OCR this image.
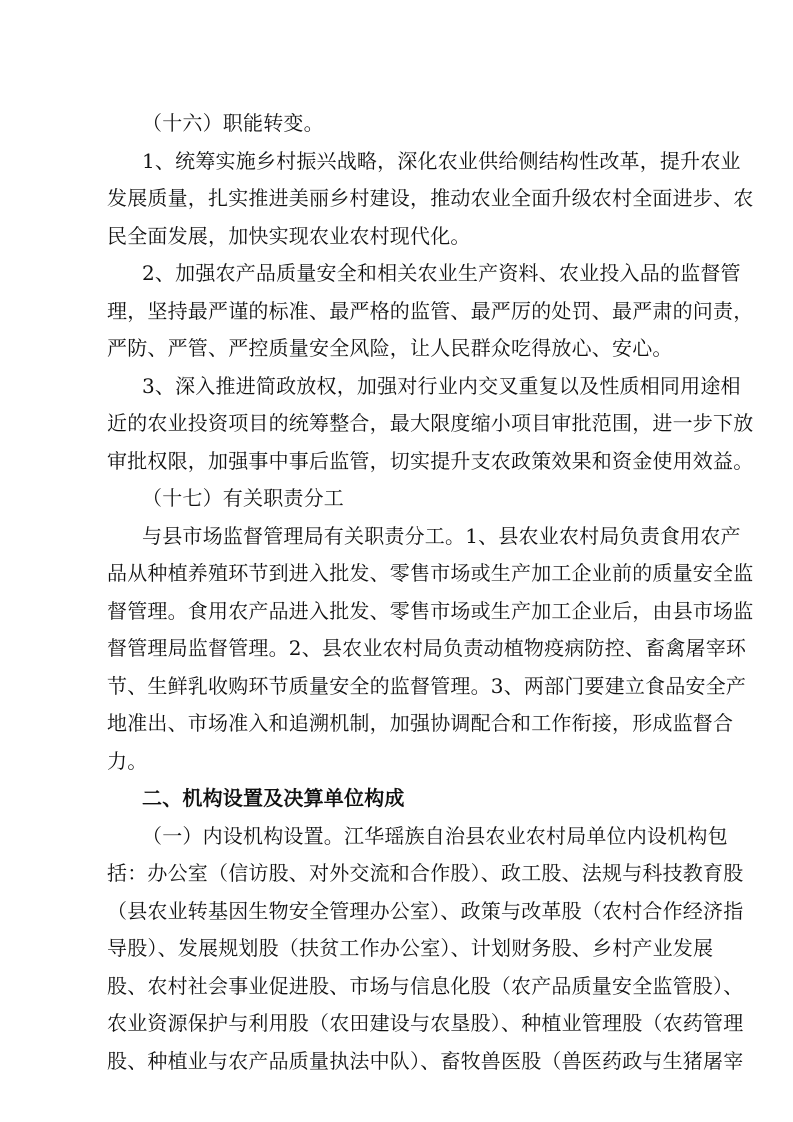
（十六）职能转变。
1、统筹实施乡村振兴战略，深化农业供给侧结构性改革，提升农业
发展质量，扎实推进美丽乡村建设，推动农业全面升级农村全面进步、农
民全面发展，加快实现农业农村现代化。
2、加强农产品质量安全和相关农业生产资料、农业投入品的监督管
理，坚持最严谨的标准、最严格的监管、最严厉的处罚、最严肃的问责，
严防、严管、严控质量安全风险，让人民群众吃得放心、安心。
3、深入推进简政放权，加强对行业内交叉重复以及性质相同用途相
近的农业投资项目的统筹整合，最大限度缩小项目审批范围，进一步下放
审批权限，加强事中事后监管，切实提升支农政策效果和资金使用效益。
（十七）有关职责分工
与县市场监督管理局有关职责分工。1、县农业农村局负责食用农产
品从种植养殖环节到进入批发、零售市场或生产加工企业前的质量安全监
督管理。食用农产品进入批发、零售市场或生产加工企业后，由县市场监
督管理局监督管理。2、县农业农村局负责动植物疫病防控、畜禽屠宰环
节、生鲜乳收购环节质量安全的监督管理。3、两部门要建立食品安全产
地准出、市场准入和追溯机制，加强协调配合和工作衔接，形成监督合
力。
二、机构设置及决算单位构成
（一）内设机构设置。江华瑶族自治县农业农村局单位内设机构包
括：办公室（信访股、对外交流和合作股）、政工股、法规与科技教育股
（县农业转基因生物安全管理办公室）、政策与改革股（农村合作经济指
导股）、发展规划股（扶贫工作办公室）、计划财务股、乡村产业发展
股、农村社会事业促进股、市场与信息化股（农产品质量安全监管股）、
农业资源保护与利用股（农田建设与农垦股）、种植业管理股（农药管理
股、种植业与农产品质量执法中队）、畜牧兽医股（兽医药政与生猪屠宰
